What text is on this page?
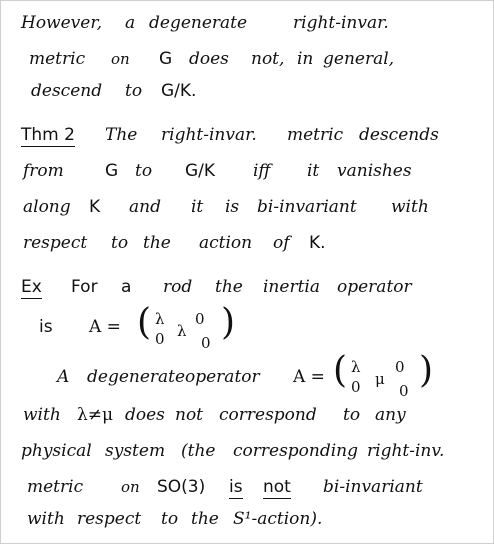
However, a degenerate	right-invar.
metric on G does not, in general,
descend to G/K.
Thm 2 The right-invar. metric descends
from G to G/K iff it vanishes
along K and it is bi-invariant with
respect to the action of K.
Ex For a rod the inertia operator
is A = ( λ 0
0 λ
0 )
A degenerate operator A = ( λ 0
0 μ
0 )
with λ≠μ does not correspond to any
physical system (the corresponding right-inv.
metric	on SO(3) is not bi-invariant
with respect to the S¹-action).
